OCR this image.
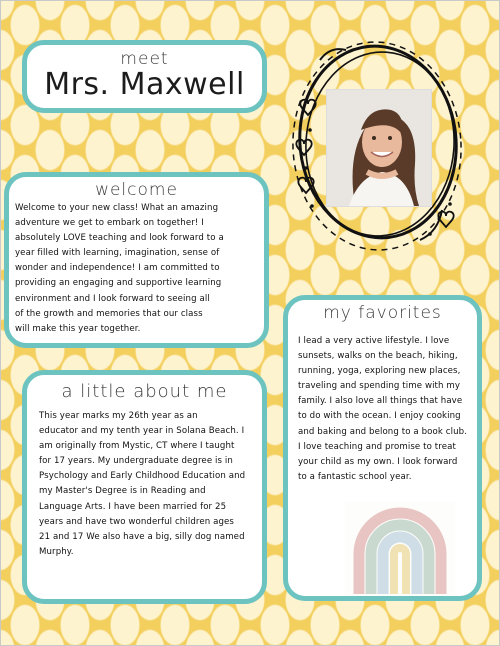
meet
Mrs. Maxwell
welcome
Welcome to your new class! What an amazing
adventure we get to embark on together! I
absolutely LOVE teaching and look forward to a
year filled with learning, imagination, sense of
wonder and independence! I am committed to
providing an engaging and supportive learning
environment and I look forward to seeing all
of the growth and memories that our class
will make this year together.
my favorites
I lead a very active lifestyle. I love
sunsets, walks on the beach, hiking,
running, yoga, exploring new places,
traveling and spending time with my
family. I also love all things that have
to do with the ocean. I enjoy cooking
and baking and belong to a book club.
I love teaching and promise to treat
your child as my own. I look forward
to a fantastic school year.
a little about me
This year marks my 26th year as an
educator and my tenth year in Solana Beach. I
am originally from Mystic, CT where I taught
for 17 years. My undergraduate degree is in
Psychology and Early Childhood Education and
my Master's Degree is in Reading and
Language Arts. I have been married for 25
years and have two wonderful children ages
21 and 17 We also have a big, silly dog named
Murphy.
